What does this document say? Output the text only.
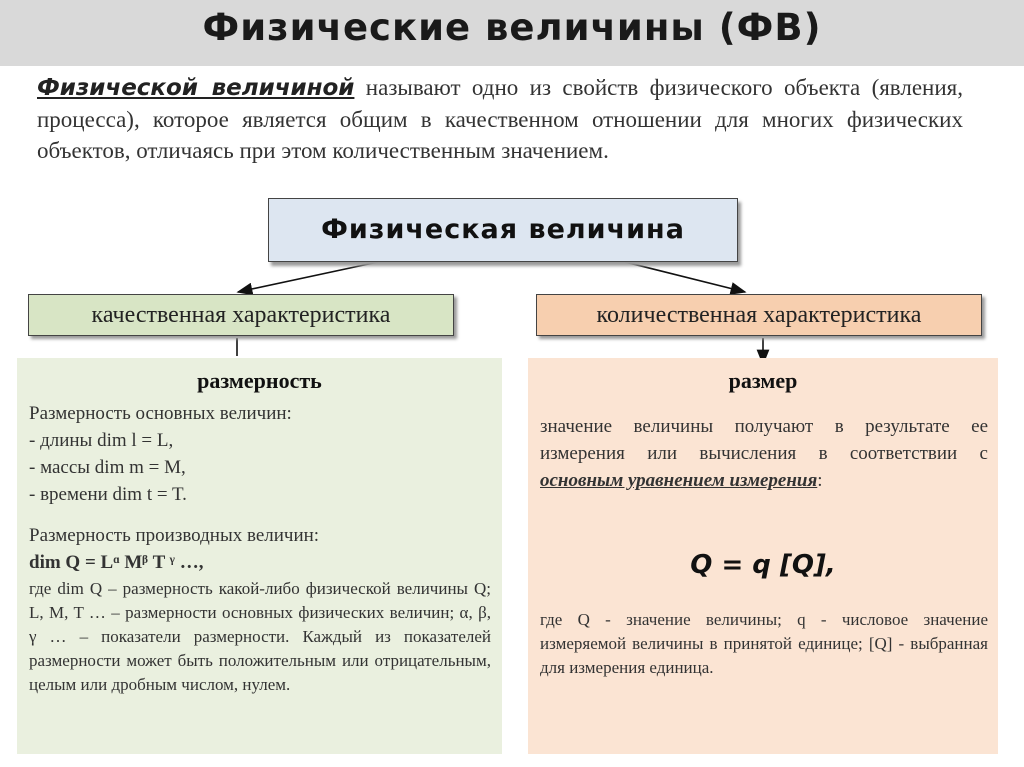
Физические величины (ФВ)
Физической величиной называют одно из свойств физического объекта (явления, процесса), которое является общим в качественном отношении для многих физических объектов, отличаясь при этом количественным значением.
Физическая величина
качественная характеристика	количественная характеристика
размерность
Размерность основных величин:
- длины dim l = L,
- массы dim m = M,
- времени dim t = T.
Размерность производных величин:
dim Q = Lᵅ Mᵝ T ᵞ …,
где dim Q – размерность какой-либо физической величины Q; L, M, T … – размерности основных физических величин; α, β, γ … – показатели размерности. Каждый из показателей размерности может быть положительным или отрицательным, целым или дробным числом, нулем.
размер
значение величины получают в результате ее измерения или вычисления в соответствии с основным уравнением измерения:
Q = q [Q],
где Q - значение величины; q - числовое значение измеряемой величины в принятой единице; [Q] - выбранная для измерения единица.
